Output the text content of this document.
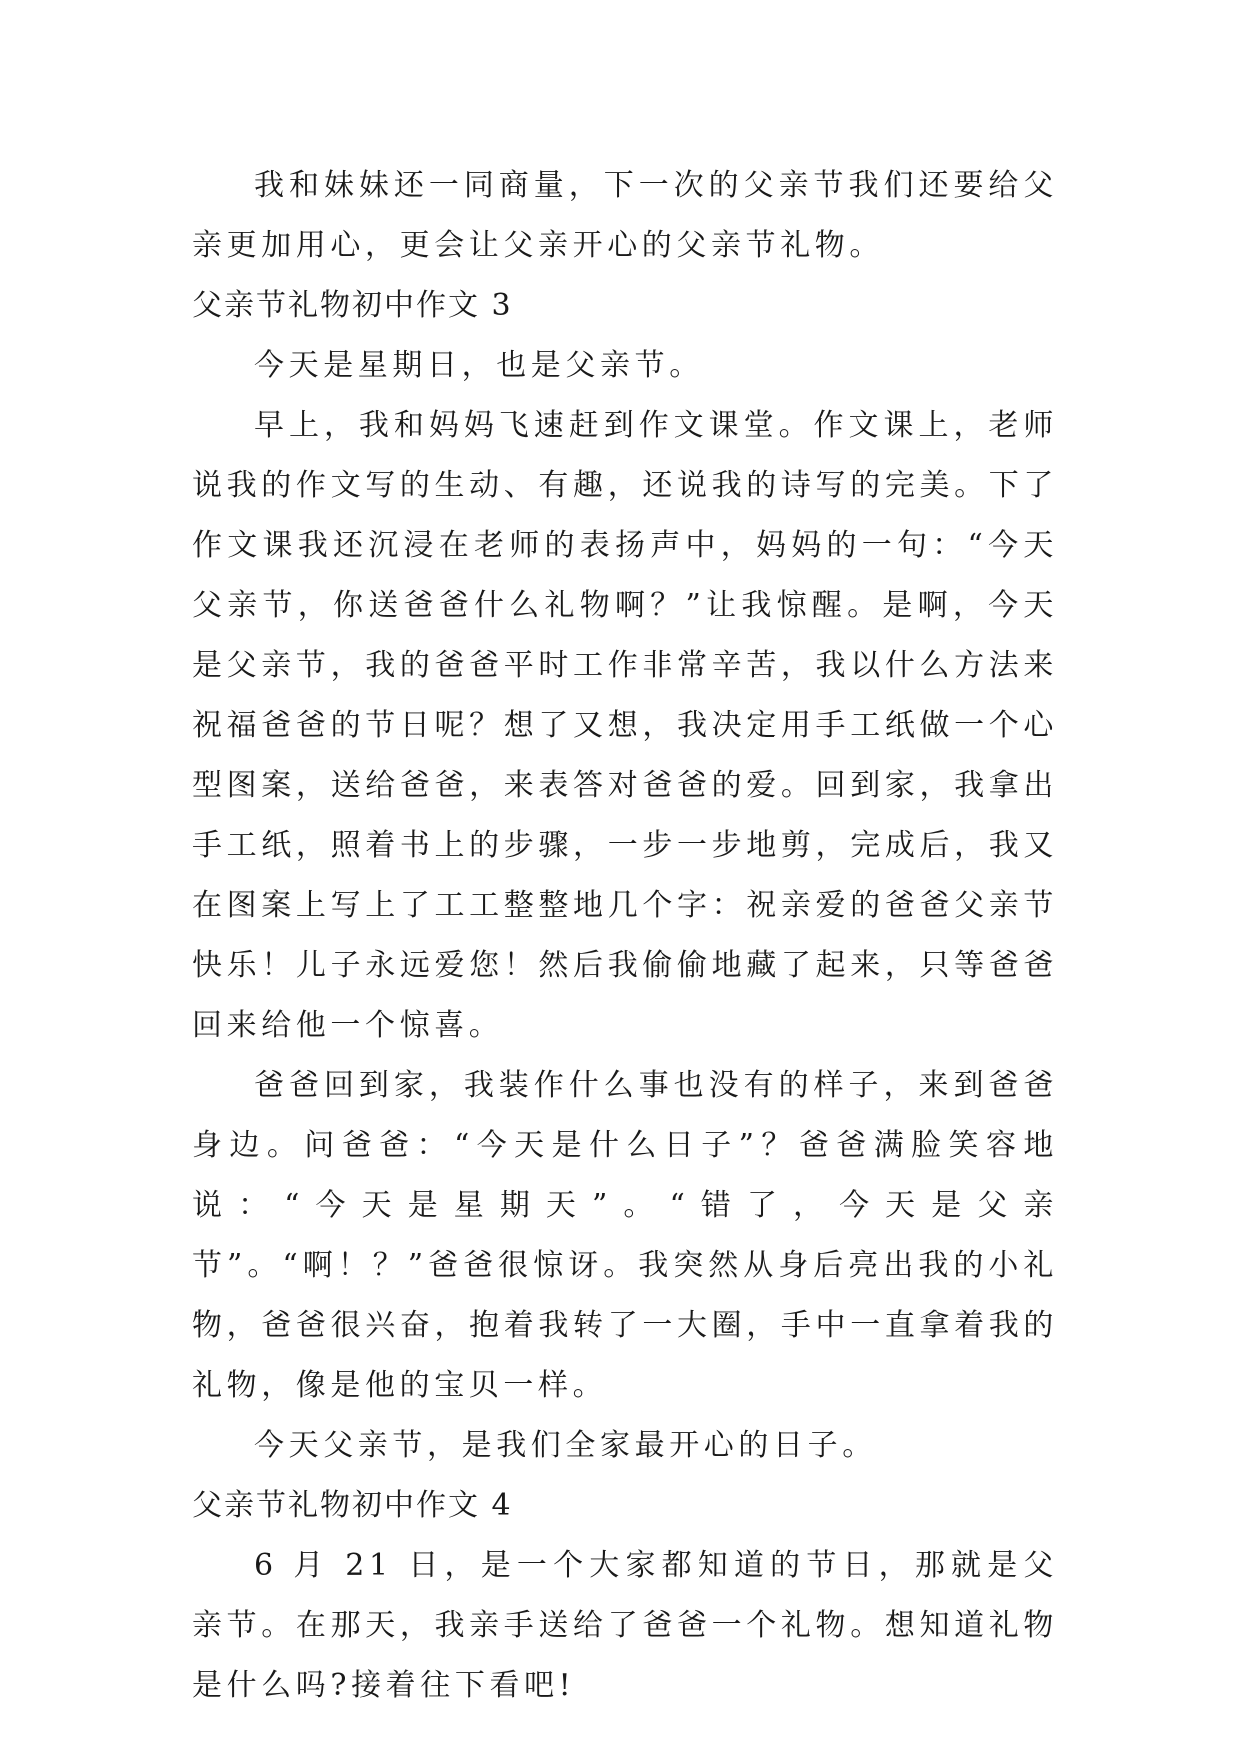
我和妹妹还一同商量，下一次的父亲节我们还要给父亲更加用心，更会让父亲开心的父亲节礼物。

父亲节礼物初中作文 3

今天是星期日，也是父亲节。

早上，我和妈妈飞速赶到作文课堂。作文课上，老师说我的作文写的生动、有趣，还说我的诗写的完美。下了作文课我还沉浸在老师的表扬声中，妈妈的一句：“今天父亲节，你送爸爸什么礼物啊？”让我惊醒。是啊，今天是父亲节，我的爸爸平时工作非常辛苦，我以什么方法来祝福爸爸的节日呢？想了又想，我决定用手工纸做一个心型图案，送给爸爸，来表答对爸爸的爱。回到家，我拿出手工纸，照着书上的步骤，一步一步地剪，完成后，我又在图案上写上了工工整整地几个字：祝亲爱的爸爸父亲节快乐！儿子永远爱您！然后我偷偷地藏了起来，只等爸爸回来给他一个惊喜。

爸爸回到家，我装作什么事也没有的样子，来到爸爸身边。问爸爸：“今天是什么日子”？爸爸满脸笑容地说：“今天是星期天”。“错了，今天是父亲节”。“啊！？”爸爸很惊讶。我突然从身后亮出我的小礼物，爸爸很兴奋，抱着我转了一大圈，手中一直拿着我的礼物，像是他的宝贝一样。

今天父亲节，是我们全家最开心的日子。

父亲节礼物初中作文 4

6 月 21 日，是一个大家都知道的节日，那就是父亲节。在那天，我亲手送给了爸爸一个礼物。想知道礼物是什么吗?接着往下看吧!
